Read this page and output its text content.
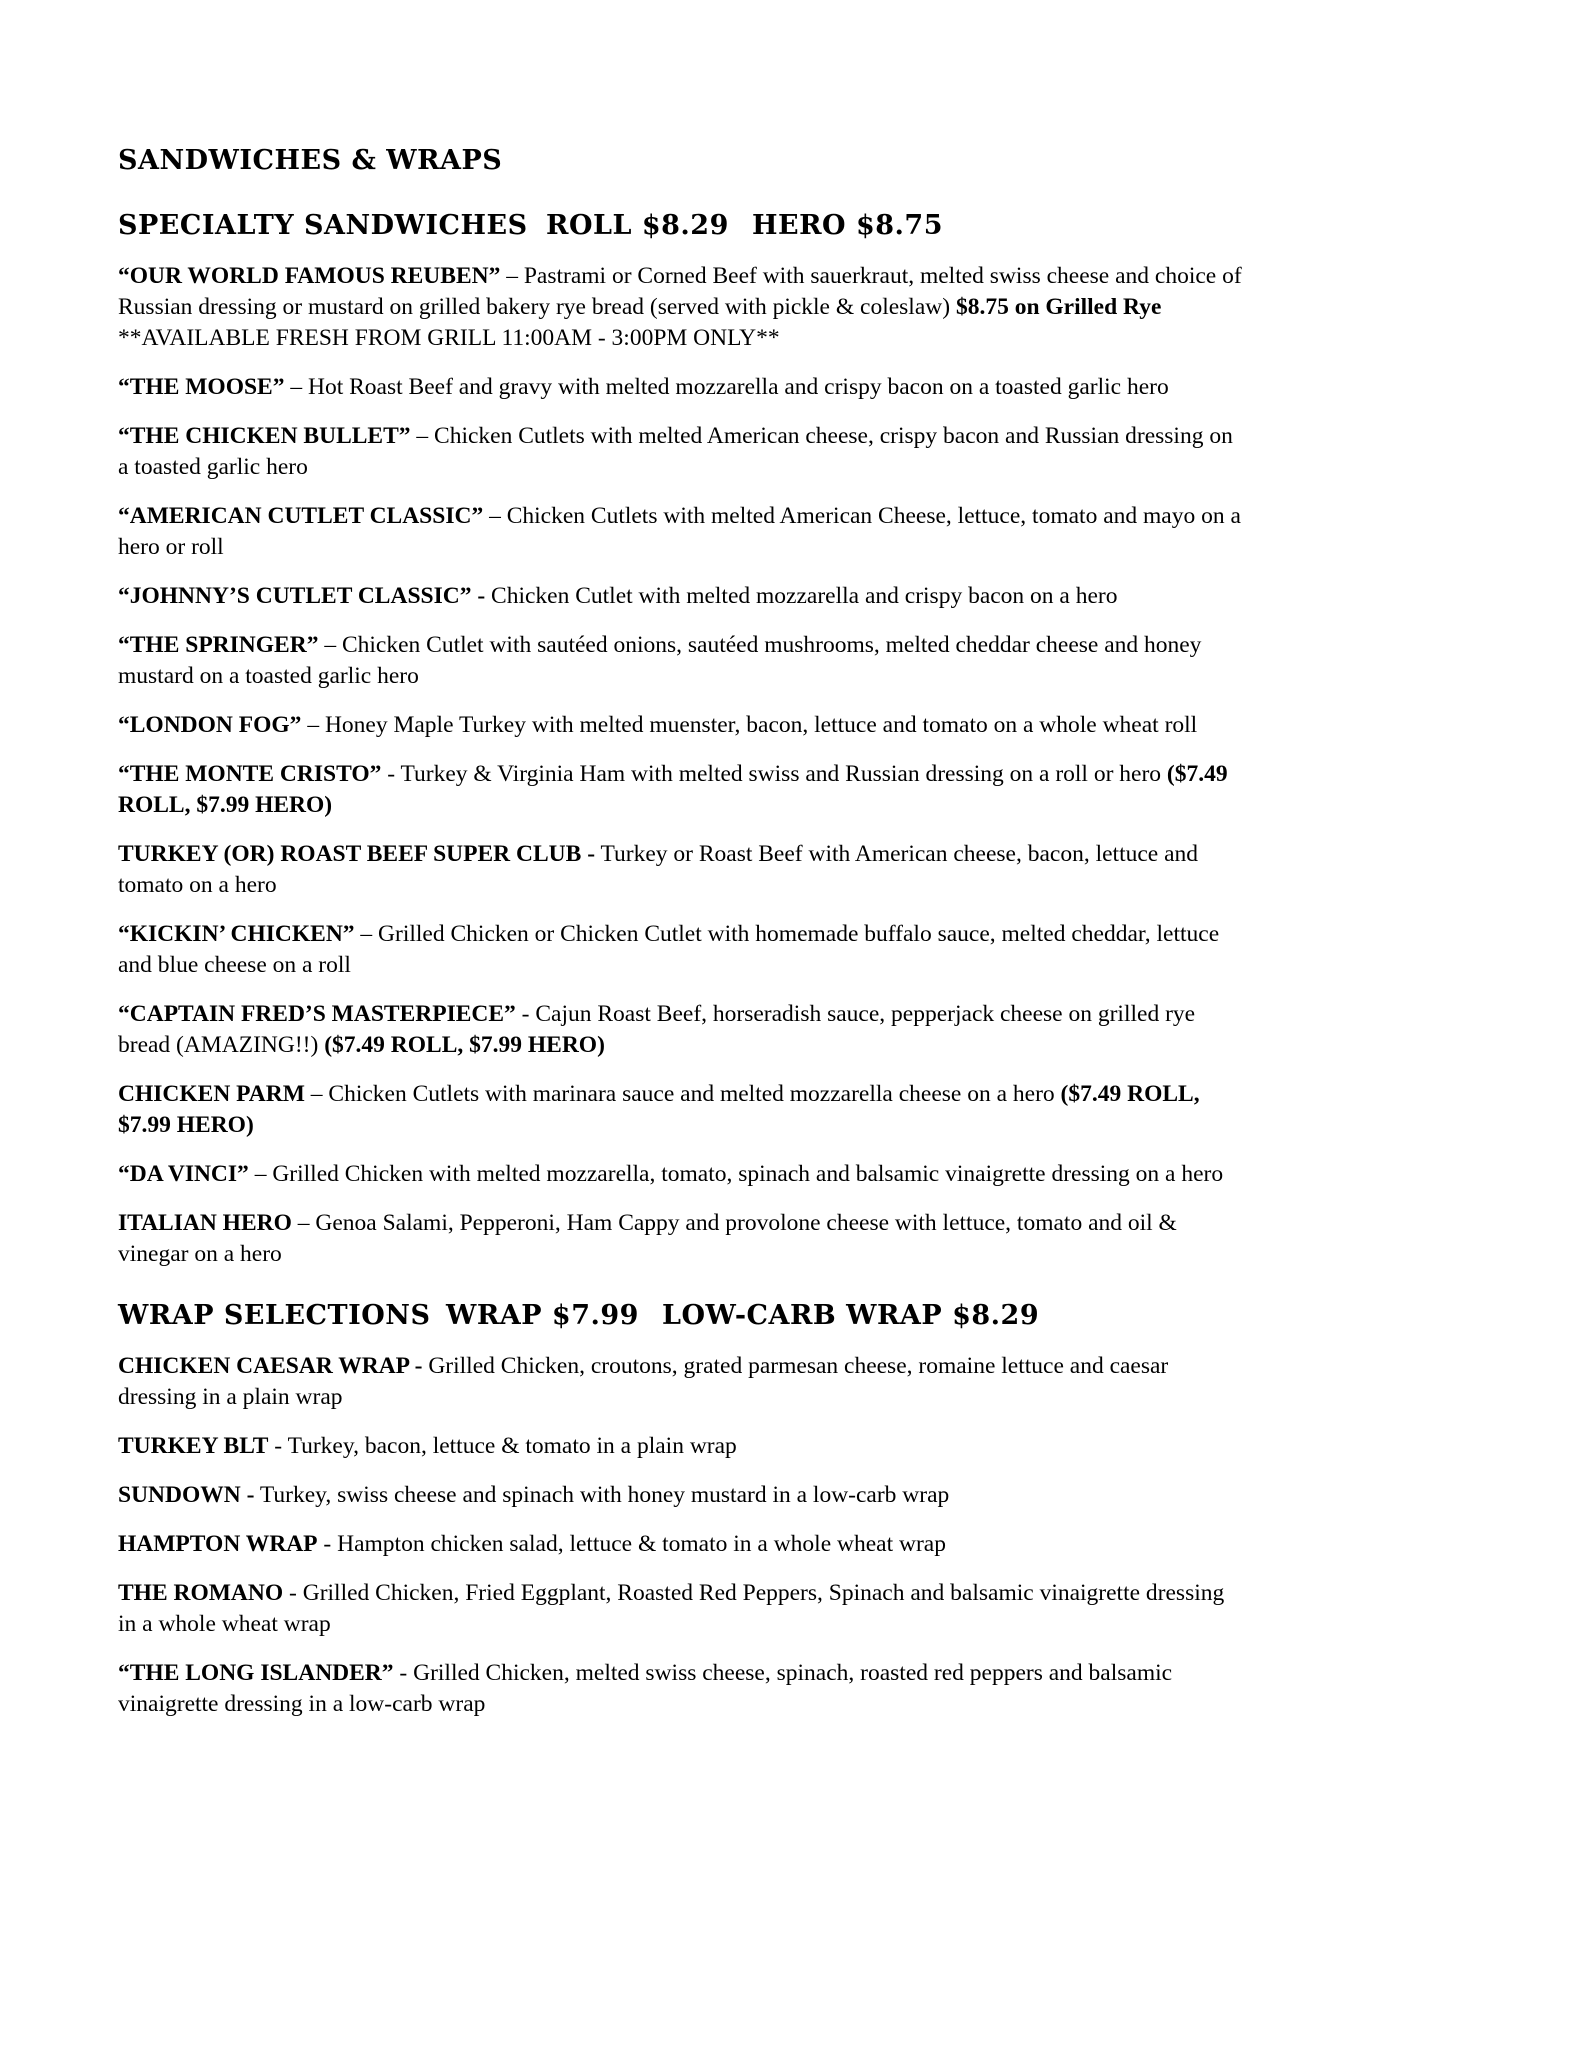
SANDWICHES & WRAPS
SPECIALTY SANDWICHES ROLL $8.29 HERO $8.75

“OUR WORLD FAMOUS REUBEN” – Pastrami or Corned Beef with sauerkraut, melted swiss cheese and choice of Russian dressing or mustard on grilled bakery rye bread (served with pickle & coleslaw) $8.75 on Grilled Rye **AVAILABLE FRESH FROM GRILL 11:00AM - 3:00PM ONLY**

“THE MOOSE” – Hot Roast Beef and gravy with melted mozzarella and crispy bacon on a toasted garlic hero

“THE CHICKEN BULLET” – Chicken Cutlets with melted American cheese, crispy bacon and Russian dressing on a toasted garlic hero

“AMERICAN CUTLET CLASSIC” – Chicken Cutlets with melted American Cheese, lettuce, tomato and mayo on a hero or roll

“JOHNNY’S CUTLET CLASSIC” - Chicken Cutlet with melted mozzarella and crispy bacon on a hero

“THE SPRINGER” – Chicken Cutlet with sautéed onions, sautéed mushrooms, melted cheddar cheese and honey mustard on a toasted garlic hero

“LONDON FOG” – Honey Maple Turkey with melted muenster, bacon, lettuce and tomato on a whole wheat roll

“THE MONTE CRISTO” - Turkey & Virginia Ham with melted swiss and Russian dressing on a roll or hero ($7.49 ROLL, $7.99 HERO)

TURKEY (OR) ROAST BEEF SUPER CLUB - Turkey or Roast Beef with American cheese, bacon, lettuce and tomato on a hero

“KICKIN’ CHICKEN” – Grilled Chicken or Chicken Cutlet with homemade buffalo sauce, melted cheddar, lettuce and blue cheese on a roll

“CAPTAIN FRED’S MASTERPIECE” - Cajun Roast Beef, horseradish sauce, pepperjack cheese on grilled rye bread (AMAZING!!) ($7.49 ROLL, $7.99 HERO)

CHICKEN PARM – Chicken Cutlets with marinara sauce and melted mozzarella cheese on a hero ($7.49 ROLL, $7.99 HERO)

“DA VINCI” – Grilled Chicken with melted mozzarella, tomato, spinach and balsamic vinaigrette dressing on a hero

ITALIAN HERO – Genoa Salami, Pepperoni, Ham Cappy and provolone cheese with lettuce, tomato and oil & vinegar on a hero

WRAP SELECTIONS WRAP $7.99 LOW-CARB WRAP $8.29

CHICKEN CAESAR WRAP - Grilled Chicken, croutons, grated parmesan cheese, romaine lettuce and caesar dressing in a plain wrap

TURKEY BLT - Turkey, bacon, lettuce & tomato in a plain wrap

SUNDOWN - Turkey, swiss cheese and spinach with honey mustard in a low-carb wrap

HAMPTON WRAP - Hampton chicken salad, lettuce & tomato in a whole wheat wrap

THE ROMANO - Grilled Chicken, Fried Eggplant, Roasted Red Peppers, Spinach and balsamic vinaigrette dressing in a whole wheat wrap

“THE LONG ISLANDER” - Grilled Chicken, melted swiss cheese, spinach, roasted red peppers and balsamic vinaigrette dressing in a low-carb wrap
